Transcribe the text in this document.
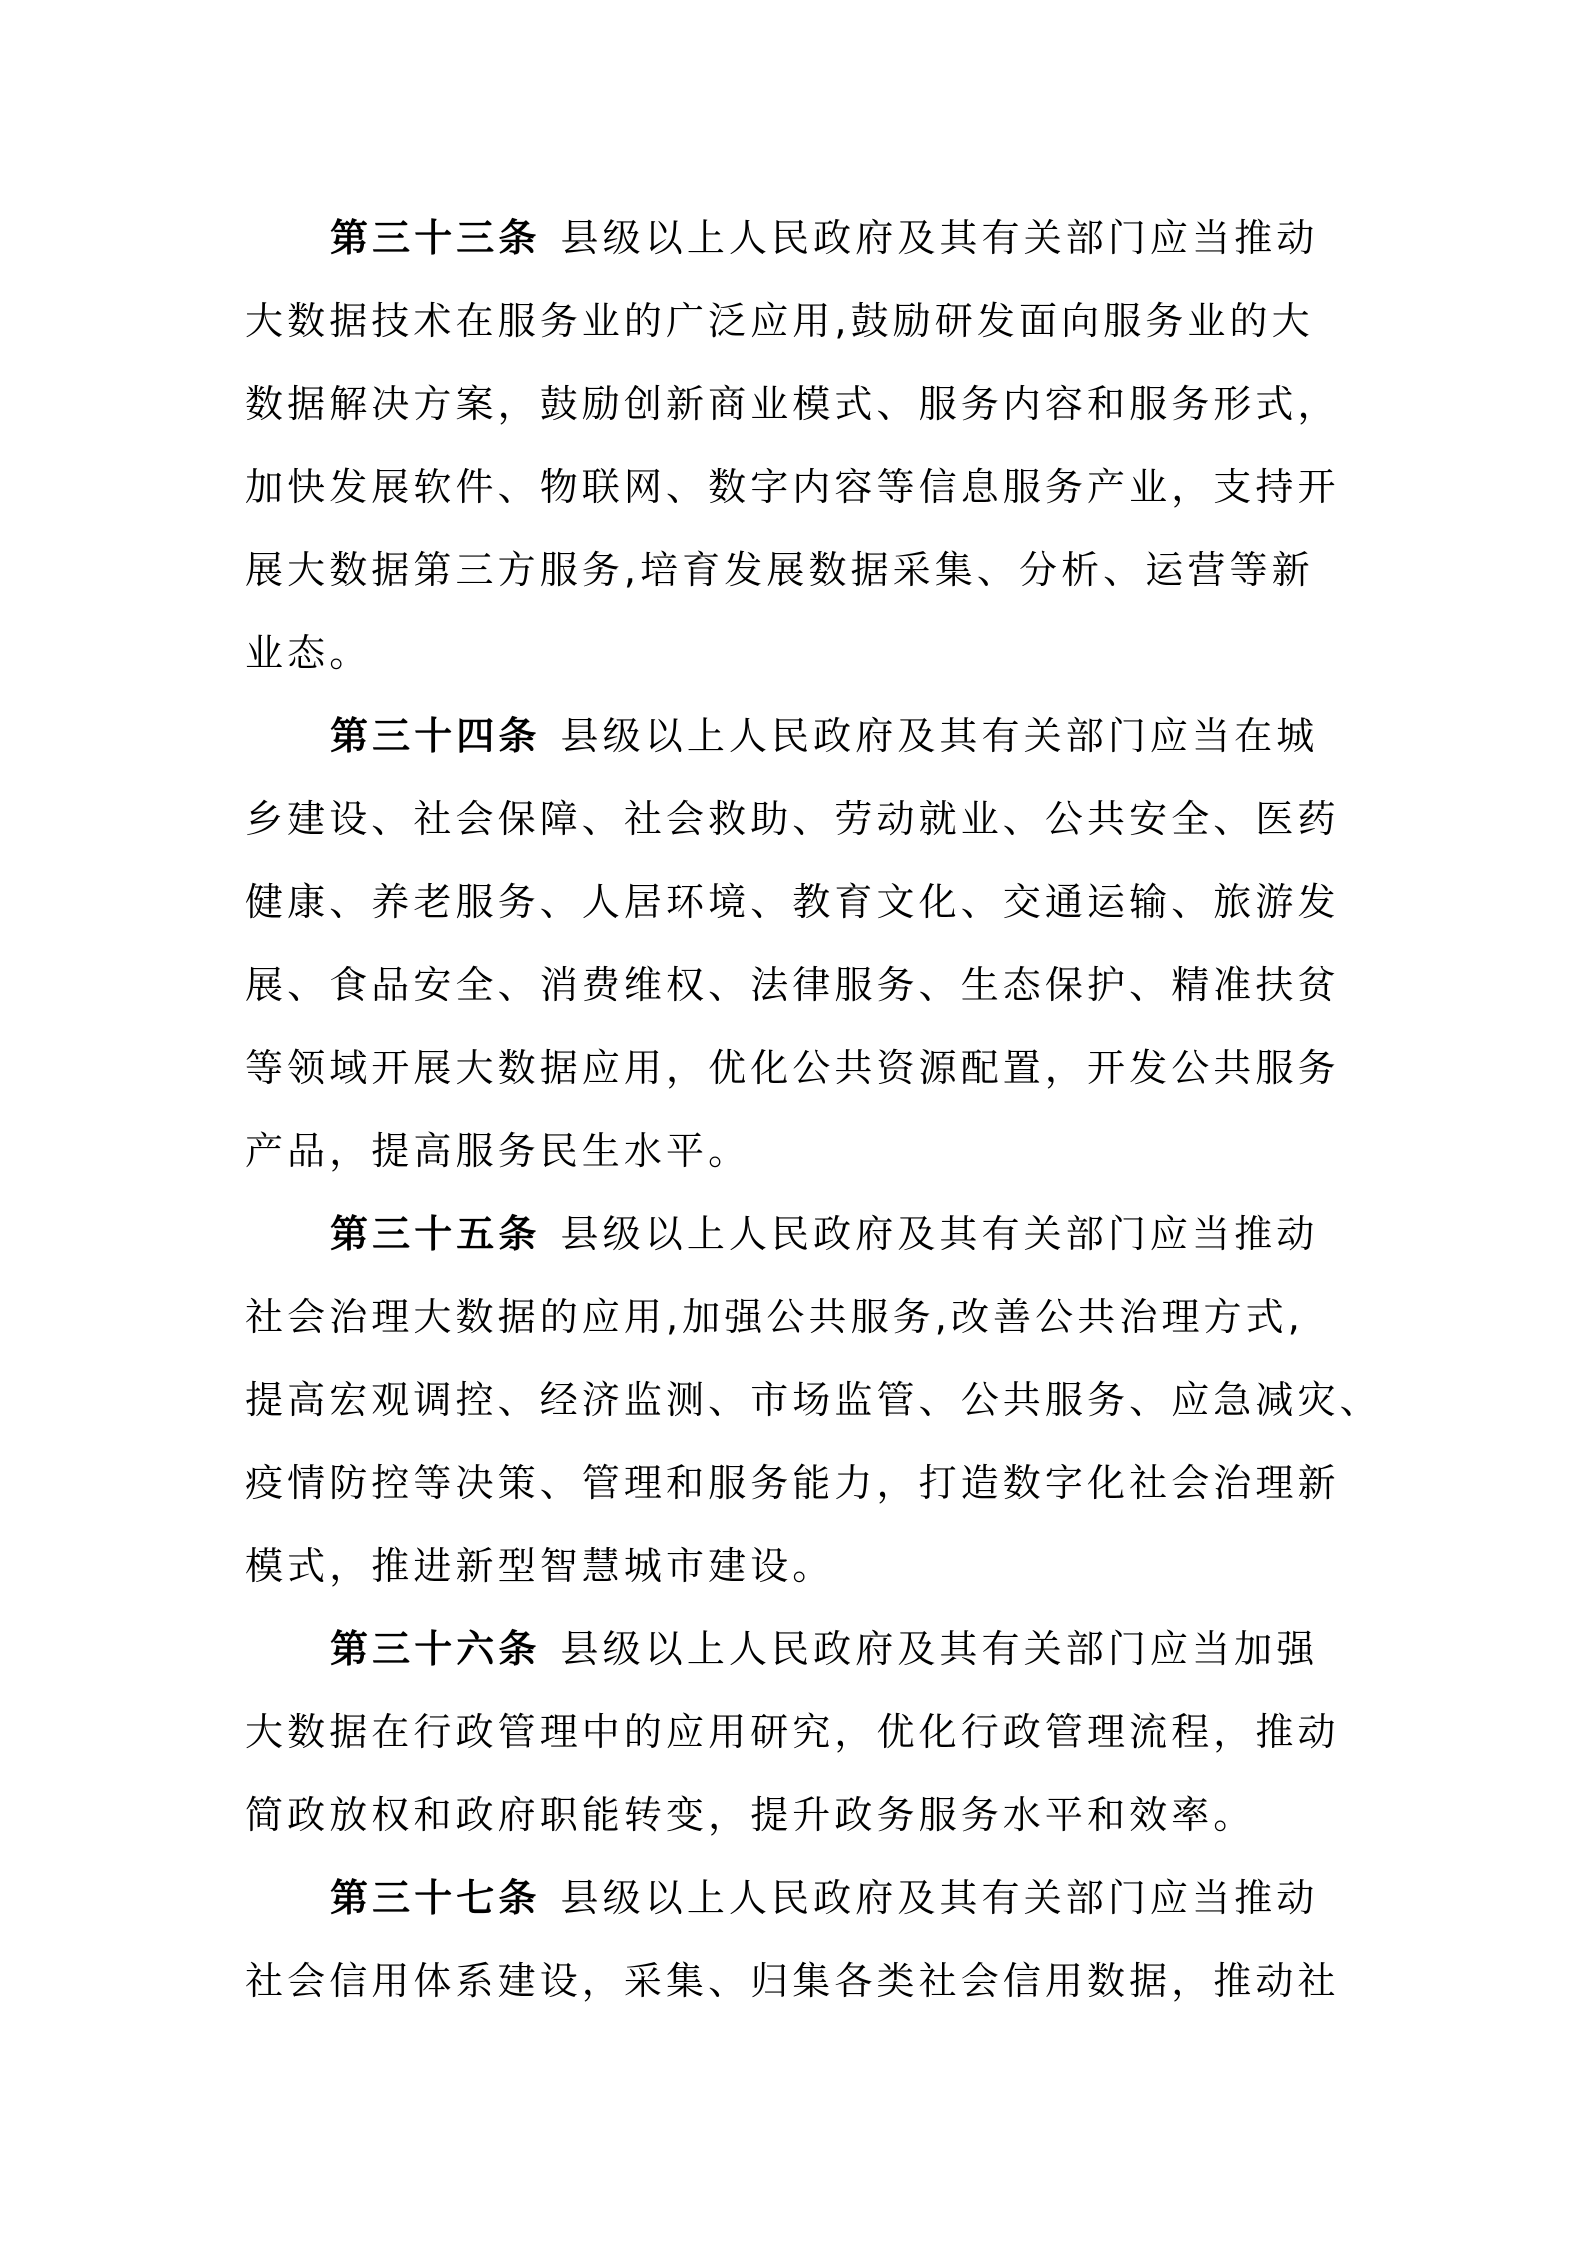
第三十三条 县级以上人民政府及其有关部门应当推动
大数据技术在服务业的广泛应用,鼓励研发面向服务业的大
数据解决方案，鼓励创新商业模式、服务内容和服务形式，
加快发展软件、物联网、数字内容等信息服务产业，支持开
展大数据第三方服务,培育发展数据采集、分析、运营等新
业态。
第三十四条 县级以上人民政府及其有关部门应当在城
乡建设、社会保障、社会救助、劳动就业、公共安全、医药
健康、养老服务、人居环境、教育文化、交通运输、旅游发
展、食品安全、消费维权、法律服务、生态保护、精准扶贫
等领域开展大数据应用，优化公共资源配置，开发公共服务
产品，提高服务民生水平。
第三十五条 县级以上人民政府及其有关部门应当推动
社会治理大数据的应用,加强公共服务,改善公共治理方式,
提高宏观调控、经济监测、市场监管、公共服务、应急减灾、
疫情防控等决策、管理和服务能力，打造数字化社会治理新
模式，推进新型智慧城市建设。
第三十六条 县级以上人民政府及其有关部门应当加强
大数据在行政管理中的应用研究，优化行政管理流程，推动
简政放权和政府职能转变，提升政务服务水平和效率。
第三十七条 县级以上人民政府及其有关部门应当推动
社会信用体系建设，采集、归集各类社会信用数据，推动社
